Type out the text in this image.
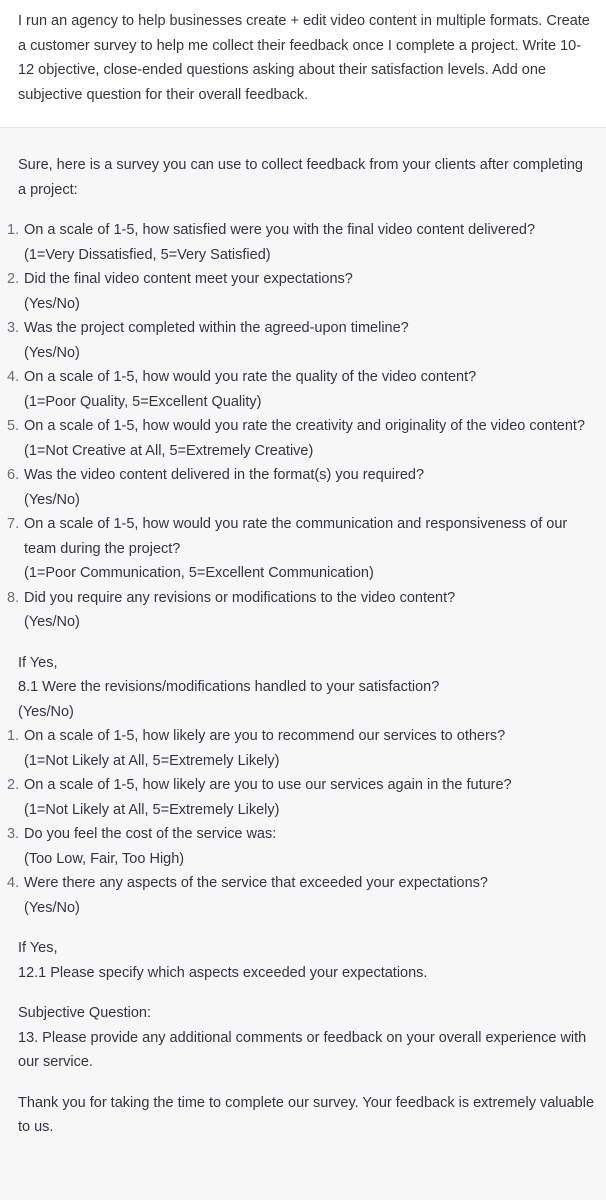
I run an agency to help businesses create + edit video content in multiple formats. Create a customer survey to help me collect their feedback once I complete a project. Write 10-12 objective, close-ended questions asking about their satisfaction levels. Add one subjective question for their overall feedback.

Sure, here is a survey you can use to collect feedback from your clients after completing a project:

1. On a scale of 1-5, how satisfied were you with the final video content delivered?
(1=Very Dissatisfied, 5=Very Satisfied)
2. Did the final video content meet your expectations?
(Yes/No)
3. Was the project completed within the agreed-upon timeline?
(Yes/No)
4. On a scale of 1-5, how would you rate the quality of the video content?
(1=Poor Quality, 5=Excellent Quality)
5. On a scale of 1-5, how would you rate the creativity and originality of the video content?
(1=Not Creative at All, 5=Extremely Creative)
6. Was the video content delivered in the format(s) you required?
(Yes/No)
7. On a scale of 1-5, how would you rate the communication and responsiveness of our team during the project?
(1=Poor Communication, 5=Excellent Communication)
8. Did you require any revisions or modifications to the video content?
(Yes/No)

If Yes,

8.1 Were the revisions/modifications handled to your satisfaction?

(Yes/No)

1. On a scale of 1-5, how likely are you to recommend our services to others?
(1=Not Likely at All, 5=Extremely Likely)
2. On a scale of 1-5, how likely are you to use our services again in the future?
(1=Not Likely at All, 5=Extremely Likely)
3. Do you feel the cost of the service was:
(Too Low, Fair, Too High)
4. Were there any aspects of the service that exceeded your expectations?
(Yes/No)

If Yes,

12.1 Please specify which aspects exceeded your expectations.

Subjective Question:

13. Please provide any additional comments or feedback on your overall experience with our service.

Thank you for taking the time to complete our survey. Your feedback is extremely valuable to us.
